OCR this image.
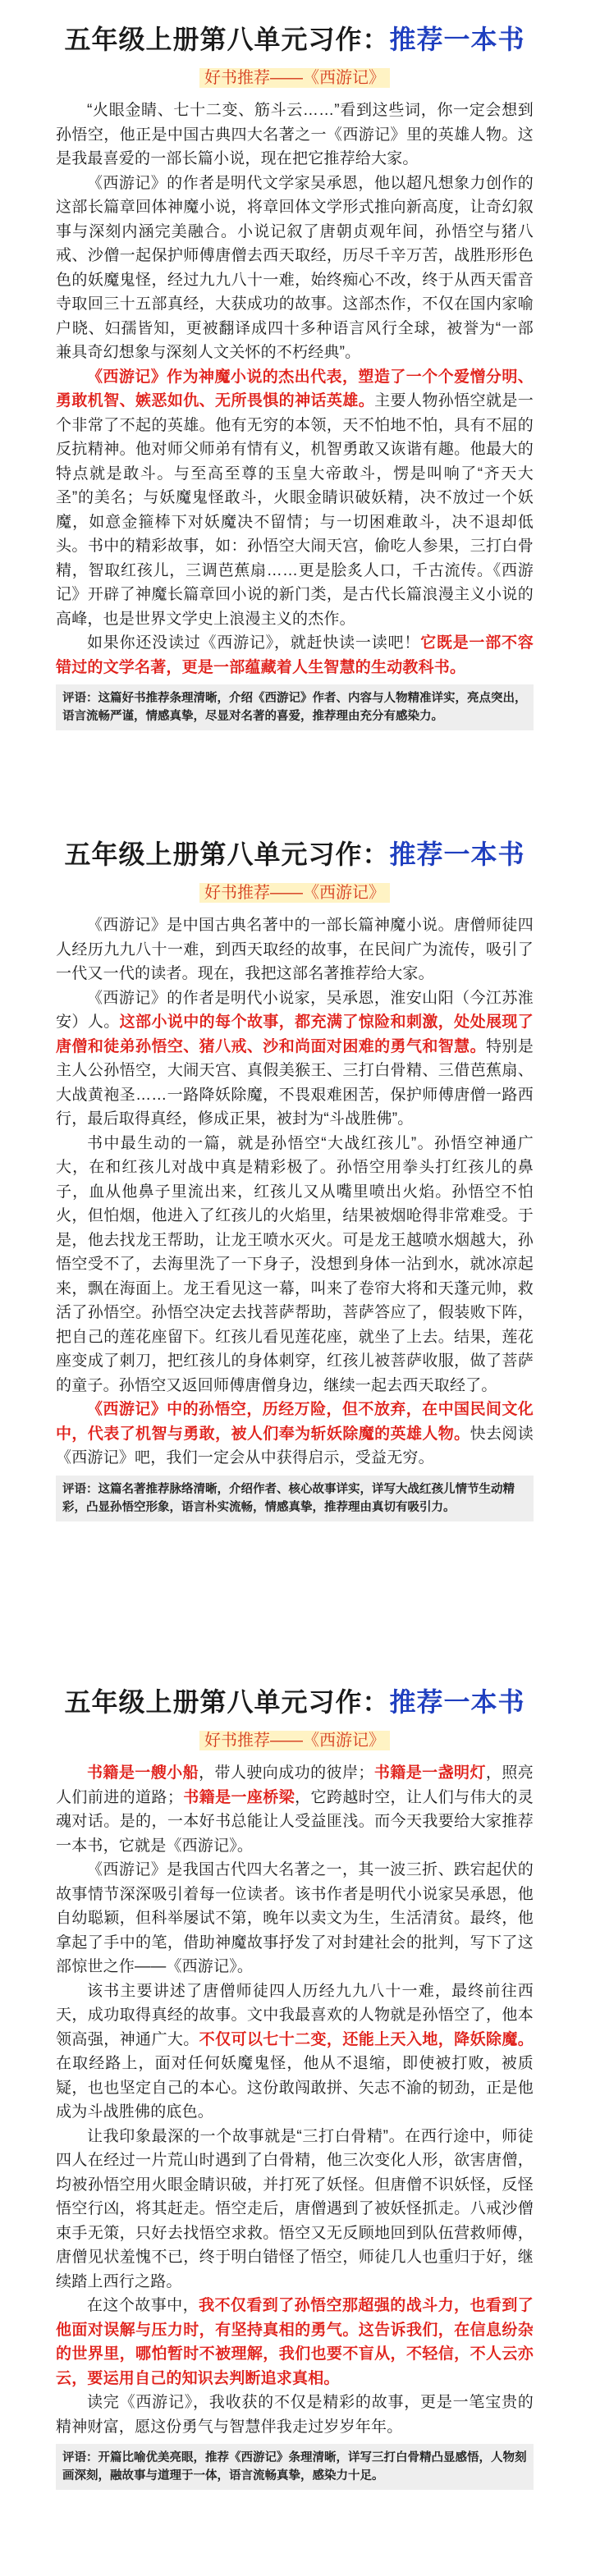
五年级上册第八单元习作：推荐一本书
好书推荐——《西游记》

“火眼金睛、七十二变、筋斗云……”看到这些词，你一定会想到孙悟空，他正是中国古典四大名著之一《西游记》里的英雄人物。这是我最喜爱的一部长篇小说，现在把它推荐给大家。

《西游记》的作者是明代文学家吴承恩，他以超凡想象力创作的这部长篇章回体神魔小说，将章回体文学形式推向新高度，让奇幻叙事与深刻内涵完美融合。小说记叙了唐朝贞观年间，孙悟空与猪八戒、沙僧一起保护师傅唐僧去西天取经，历尽千辛万苦，战胜形形色色的妖魔鬼怪，经过九九八十一难，始终痴心不改，终于从西天雷音寺取回三十五部真经，大获成功的故事。这部杰作，不仅在国内家喻户晓、妇孺皆知，更被翻译成四十多种语言风行全球，被誉为“一部兼具奇幻想象与深刻人文关怀的不朽经典”。

《西游记》作为神魔小说的杰出代表，塑造了一个个爱憎分明、勇敢机智、嫉恶如仇、无所畏惧的神话英雄。主要人物孙悟空就是一个非常了不起的英雄。他有无穷的本领，天不怕地不怕，具有不屈的反抗精神。他对师父师弟有情有义，机智勇敢又诙谐有趣。他最大的特点就是敢斗。与至高至尊的玉皇大帝敢斗，愣是叫响了“齐天大圣”的美名；与妖魔鬼怪敢斗，火眼金睛识破妖精，决不放过一个妖魔，如意金箍棒下对妖魔决不留情；与一切困难敢斗，决不退却低头。书中的精彩故事，如：孙悟空大闹天宫，偷吃人参果，三打白骨精，智取红孩儿，三调芭蕉扇……更是脍炙人口，千古流传。《西游记》开辟了神魔长篇章回小说的新门类，是古代长篇浪漫主义小说的高峰，也是世界文学史上浪漫主义的杰作。

如果你还没读过《西游记》，就赶快读一读吧！它既是一部不容错过的文学名著，更是一部蕴藏着人生智慧的生动教科书。

评语：这篇好书推荐条理清晰，介绍《西游记》作者、内容与人物精准详实，亮点突出，语言流畅严谨，情感真挚，尽显对名著的喜爱，推荐理由充分有感染力。
五年级上册第八单元习作：推荐一本书
好书推荐——《西游记》

《西游记》是中国古典名著中的一部长篇神魔小说。唐僧师徒四人经历九九八十一难，到西天取经的故事，在民间广为流传，吸引了一代又一代的读者。现在，我把这部名著推荐给大家。

《西游记》的作者是明代小说家，吴承恩，淮安山阳（今江苏淮安）人。这部小说中的每个故事，都充满了惊险和刺激，处处展现了唐僧和徒弟孙悟空、猪八戒、沙和尚面对困难的勇气和智慧。特别是主人公孙悟空，大闹天宫、真假美猴王、三打白骨精、三借芭蕉扇、大战黄袍圣……一路降妖除魔，不畏艰难困苦，保护师傅唐僧一路西行，最后取得真经，修成正果，被封为“斗战胜佛”。

书中最生动的一篇，就是孙悟空“大战红孩儿”。孙悟空神通广大，在和红孩儿对战中真是精彩极了。孙悟空用拳头打红孩儿的鼻子，血从他鼻子里流出来，红孩儿又从嘴里喷出火焰。孙悟空不怕火，但怕烟，他进入了红孩儿的火焰里，结果被烟呛得非常难受。于是，他去找龙王帮助，让龙王喷水灭火。可是龙王越喷水烟越大，孙悟空受不了，去海里洗了一下身子，没想到身体一沾到水，就冰凉起来，飘在海面上。龙王看见这一幕，叫来了卷帘大将和天蓬元帅，救活了孙悟空。孙悟空决定去找菩萨帮助，菩萨答应了，假装败下阵，把自己的莲花座留下。红孩儿看见莲花座，就坐了上去。结果，莲花座变成了刺刀，把红孩儿的身体刺穿，红孩儿被菩萨收服，做了菩萨的童子。孙悟空又返回师傅唐僧身边，继续一起去西天取经了。

《西游记》中的孙悟空，历经万险，但不放弃，在中国民间文化中，代表了机智与勇敢，被人们奉为斩妖除魔的英雄人物。快去阅读《西游记》吧，我们一定会从中获得启示，受益无穷。

评语：这篇名著推荐脉络清晰，介绍作者、核心故事详实，详写大战红孩儿情节生动精彩，凸显孙悟空形象，语言朴实流畅，情感真挚，推荐理由真切有吸引力。
五年级上册第八单元习作：推荐一本书
好书推荐——《西游记》

书籍是一艘小船，带人驶向成功的彼岸；书籍是一盏明灯，照亮人们前进的道路；书籍是一座桥梁，它跨越时空，让人们与伟大的灵魂对话。是的，一本好书总能让人受益匪浅。而今天我要给大家推荐一本书，它就是《西游记》。

《西游记》是我国古代四大名著之一，其一波三折、跌宕起伏的故事情节深深吸引着每一位读者。该书作者是明代小说家吴承恩，他自幼聪颖，但科举屡试不第，晚年以卖文为生，生活清贫。最终，他拿起了手中的笔，借助神魔故事抒发了对封建社会的批判，写下了这部惊世之作——《西游记》。

该书主要讲述了唐僧师徒四人历经九九八十一难，最终前往西天，成功取得真经的故事。文中我最喜欢的人物就是孙悟空了，他本领高强，神通广大。不仅可以七十二变，还能上天入地，降妖除魔。在取经路上，面对任何妖魔鬼怪，他从不退缩，即使被打败，被质疑，也也坚定自己的本心。这份敢闯敢拼、矢志不渝的韧劲，正是他成为斗战胜佛的底色。

让我印象最深的一个故事就是“三打白骨精”。在西行途中，师徒四人在经过一片荒山时遇到了白骨精，他三次变化人形，欲害唐僧，均被孙悟空用火眼金睛识破，并打死了妖怪。但唐僧不识妖怪，反怪悟空行凶，将其赶走。悟空走后，唐僧遇到了被妖怪抓走。八戒沙僧束手无策，只好去找悟空求救。悟空又无反顾地回到队伍营救师傅，唐僧见状羞愧不已，终于明白错怪了悟空，师徒几人也重归于好，继续踏上西行之路。

在这个故事中，我不仅看到了孙悟空那超强的战斗力，也看到了他面对误解与压力时，有坚持真相的勇气。这告诉我们，在信息纷杂的世界里，哪怕暂时不被理解，我们也要不盲从，不轻信，不人云亦云，要运用自己的知识去判断追求真相。

读完《西游记》，我收获的不仅是精彩的故事，更是一笔宝贵的精神财富，愿这份勇气与智慧伴我走过岁岁年年。

评语：开篇比喻优美亮眼，推荐《西游记》条理清晰，详写三打白骨精凸显感悟，人物刻画深刻，融故事与道理于一体，语言流畅真挚，感染力十足。
